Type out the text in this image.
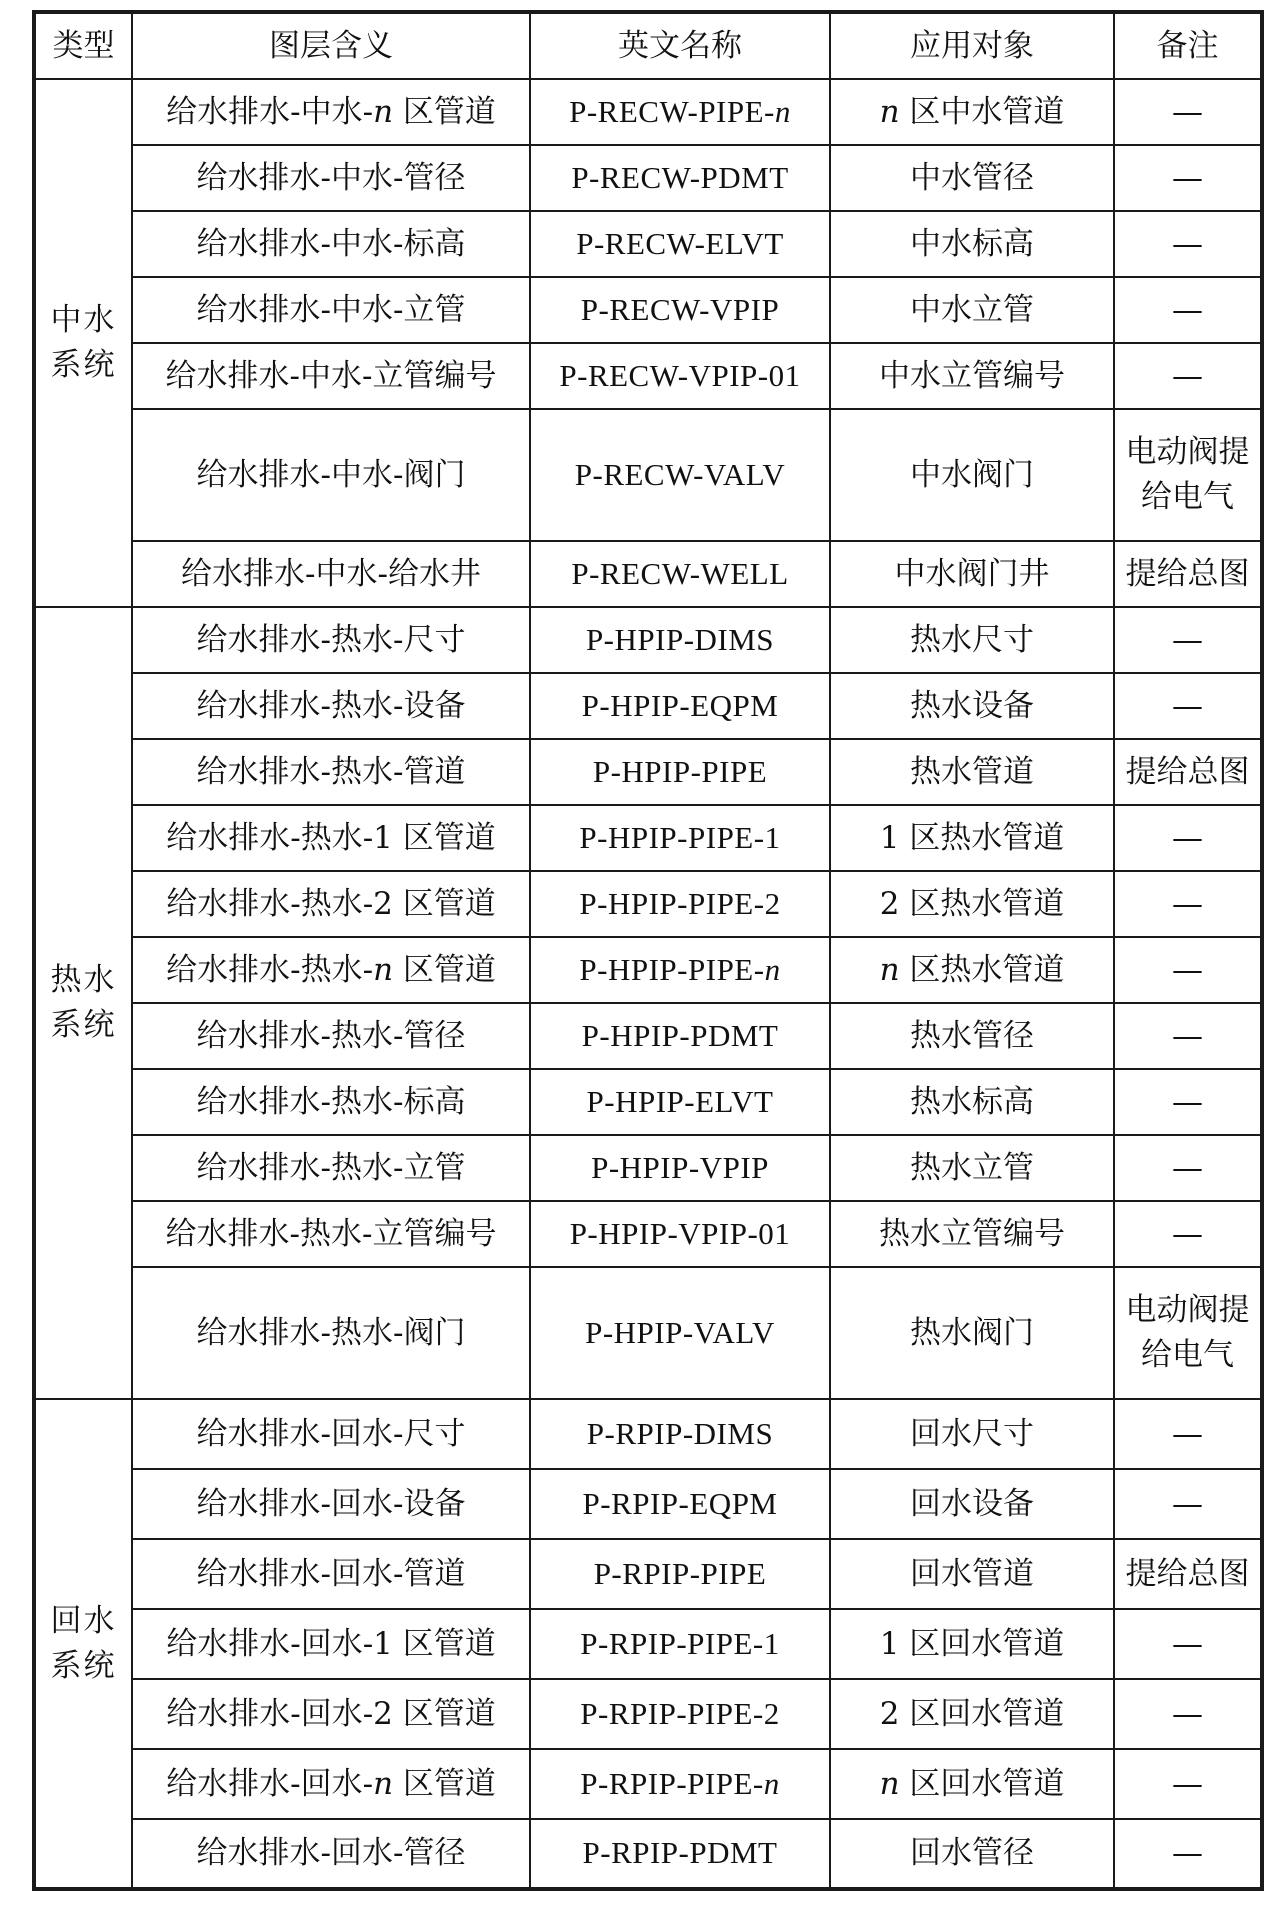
类型	图层含义	英文名称	应用对象	备注
中水
系统	给水排水-中水-n 区管道	P-RECW-PIPE-n	n 区中水管道	—
	给水排水-中水-管径	P-RECW-PDMT	中水管径	—
	给水排水-中水-标高	P-RECW-ELVT	中水标高	—
	给水排水-中水-立管	P-RECW-VPIP	中水立管	—
	给水排水-中水-立管编号	P-RECW-VPIP-01	中水立管编号	—
	给水排水-中水-阀门	P-RECW-VALV	中水阀门	电动阀提
给电气
	给水排水-中水-给水井	P-RECW-WELL	中水阀门井	提给总图
热水
系统	给水排水-热水-尺寸	P-HPIP-DIMS	热水尺寸	—
	给水排水-热水-设备	P-HPIP-EQPM	热水设备	—
	给水排水-热水-管道	P-HPIP-PIPE	热水管道	提给总图
	给水排水-热水-1 区管道	P-HPIP-PIPE-1	1 区热水管道	—
	给水排水-热水-2 区管道	P-HPIP-PIPE-2	2 区热水管道	—
	给水排水-热水-n 区管道	P-HPIP-PIPE-n	n 区热水管道	—
	给水排水-热水-管径	P-HPIP-PDMT	热水管径	—
	给水排水-热水-标高	P-HPIP-ELVT	热水标高	—
	给水排水-热水-立管	P-HPIP-VPIP	热水立管	—
	给水排水-热水-立管编号	P-HPIP-VPIP-01	热水立管编号	—
	给水排水-热水-阀门	P-HPIP-VALV	热水阀门	电动阀提
给电气
回水
系统	给水排水-回水-尺寸	P-RPIP-DIMS	回水尺寸	—
	给水排水-回水-设备	P-RPIP-EQPM	回水设备	—
	给水排水-回水-管道	P-RPIP-PIPE	回水管道	提给总图
	给水排水-回水-1 区管道	P-RPIP-PIPE-1	1 区回水管道	—
	给水排水-回水-2 区管道	P-RPIP-PIPE-2	2 区回水管道	—
	给水排水-回水-n 区管道	P-RPIP-PIPE-n	n 区回水管道	—
	给水排水-回水-管径	P-RPIP-PDMT	回水管径	—
